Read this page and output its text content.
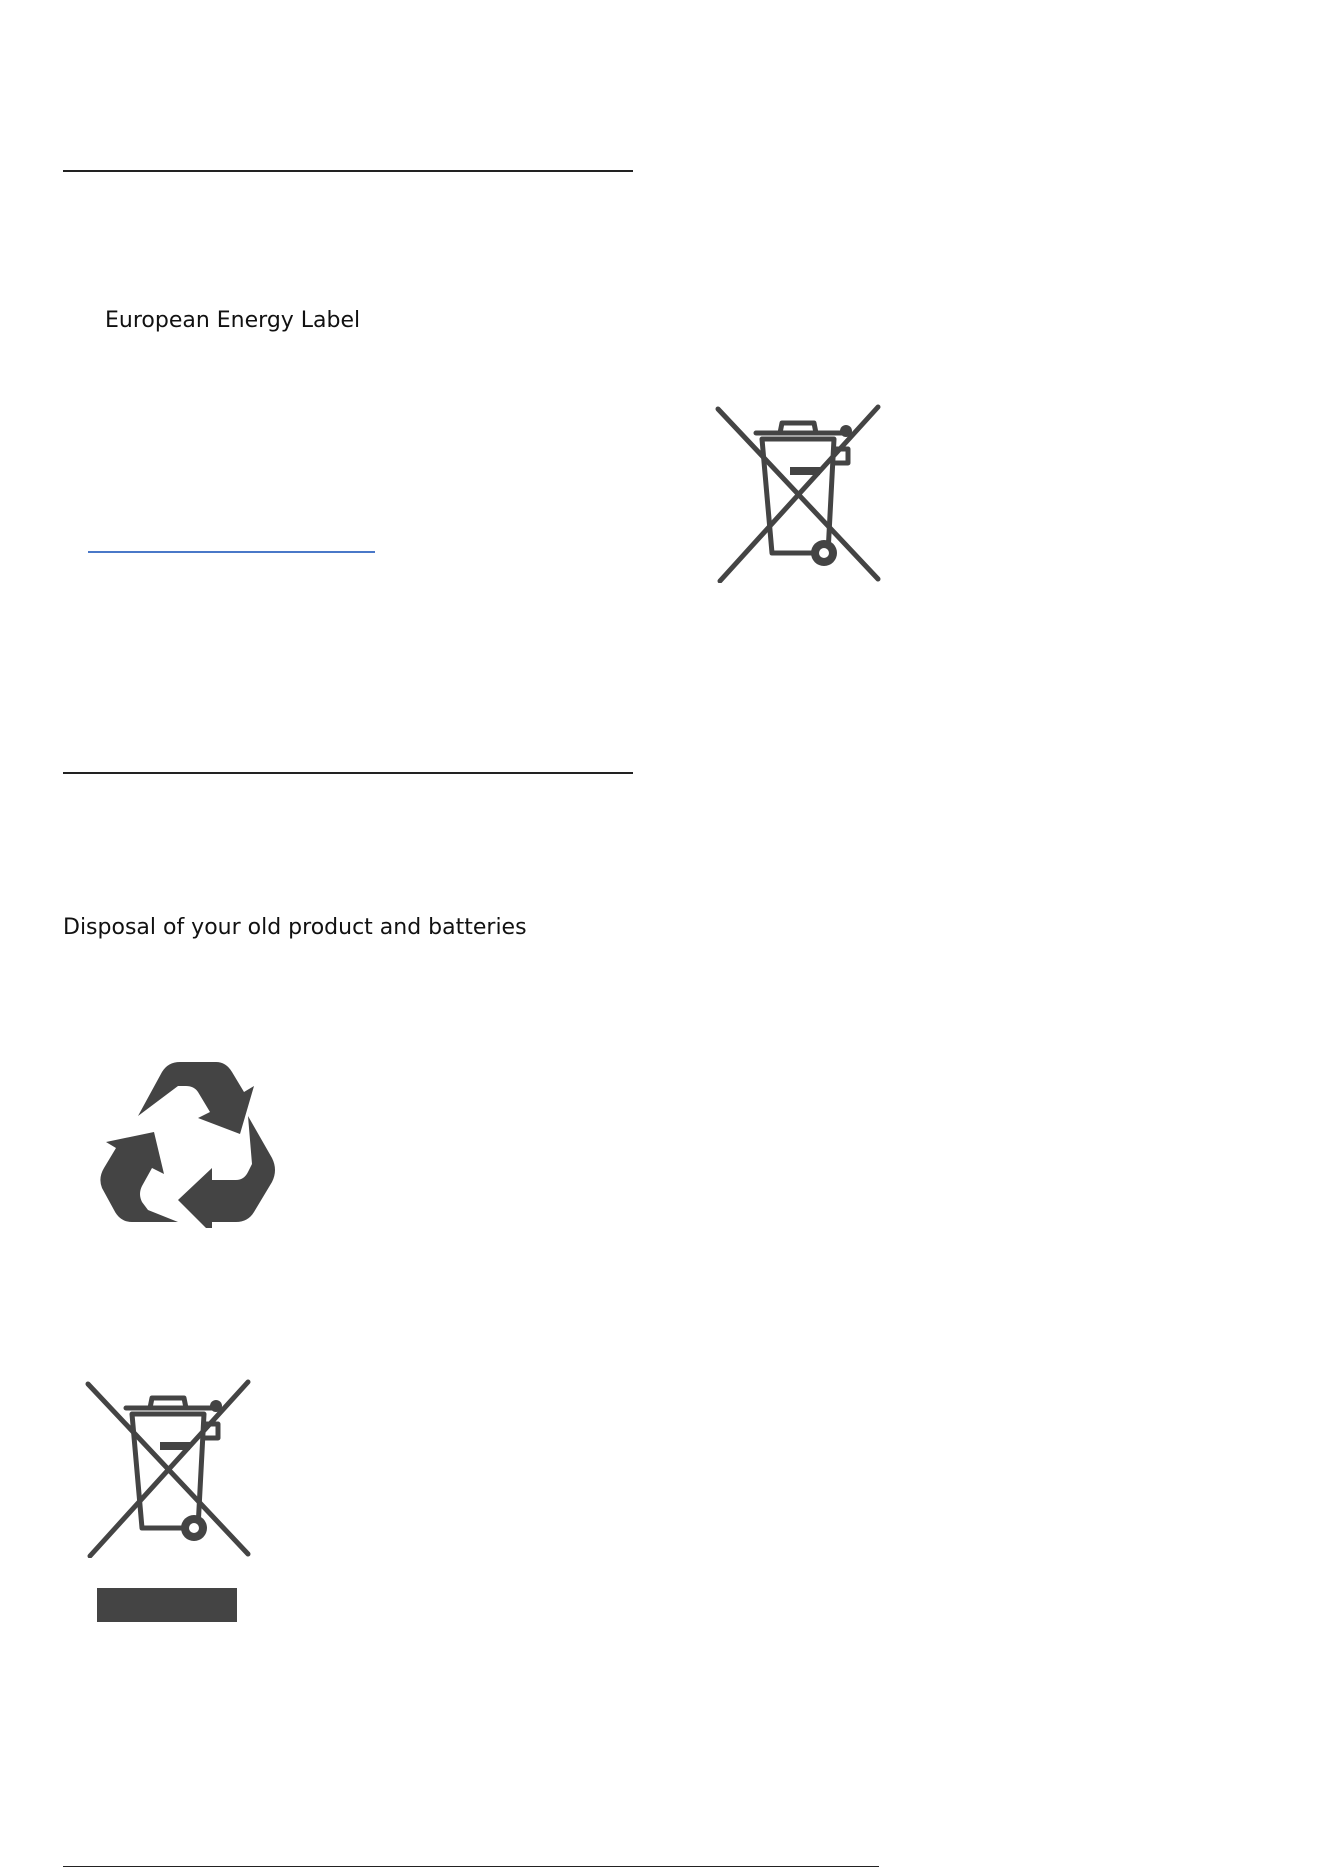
European Energy Label
Disposal of your old product and batteries
